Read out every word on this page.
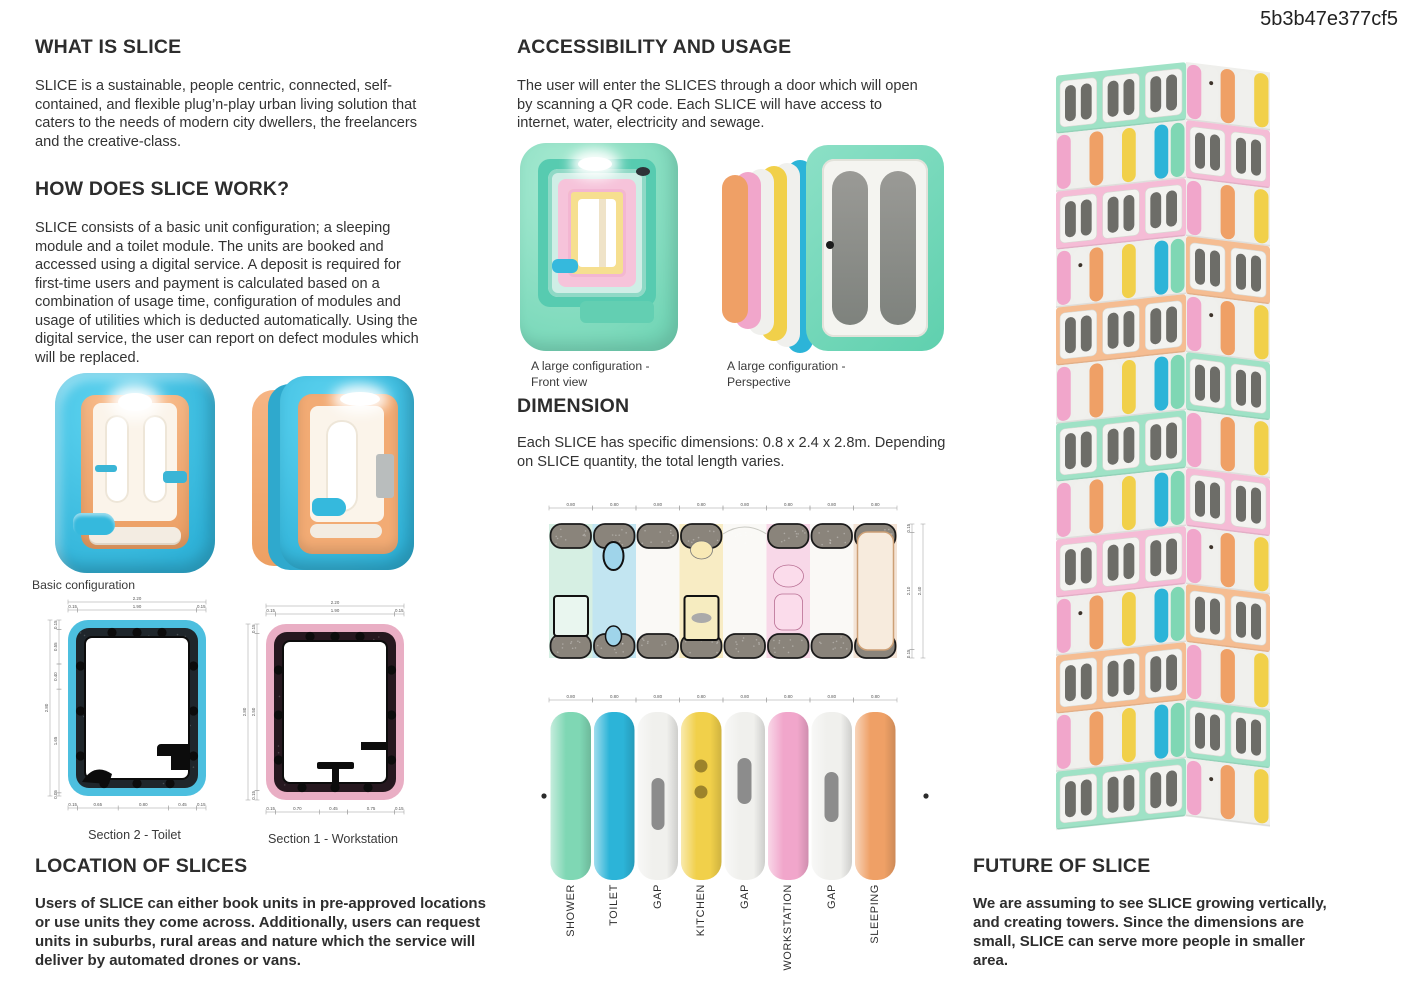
5b3b47e377cf5
WHAT IS SLICE

SLICE is a sustainable, people centric, connected, self-contained, and flexible plug’n-play urban living solution that caters to the needs of modern city dwellers, the freelancers and the creative-class.

HOW DOES SLICE WORK?

SLICE consists of a basic unit configuration; a sleeping module and a toilet module. The units are booked and accessed using a digital service. A deposit is required for first-time users and payment is calculated based on a combination of usage time, configuration of modules and usage of utilities which is deducted automatically. Using the digital service, the user can report on defect modules which will be replaced.

Basic configuration
2.20
0.15	1.90	0.15
2.80
0.15
0.55
0.40
1.65
0.05
0.15	0.65	0.80	0.45 0.15
2.20
0.15	1.90	0.15
2.80
0.15
2.50
0.15
0.15	0.70	0.45	0.75	0.15
Section 2 - Toilet	Section 1 - Workstation
LOCATION OF SLICES

Users of SLICE can either book units in pre-approved locations or use units they come across. Additionally, users can request units in suburbs, rural areas and nature which the service will deliver by automated drones or vans.

ACCESSIBILITY AND USAGE

The user will enter the SLICES through a door which will open by scanning a QR code. Each SLICE will have access to internet, water, electricity and sewage.

A large configuration -
Front view
A large configuration -
Perspective
DIMENSION

Each SLICE has specific dimensions: 0.8 x 2.4 x 2.8m. Depending on SLICE quantity, the total length varies.

0.80	0.80	0.80	0.80	0.80	0.80	0.80	0.80
0.15
2.10
0.15
2.40
0.80	0.80	0.80	0.80	0.80	0.80	0.80	0.80
SHOWER	TOILET	GAP	KITCHEN	GAP	WORKSTATION	GAP	SLEEPING
FUTURE OF SLICE

We are assuming to see SLICE growing vertically, and creating towers. Since the dimensions are small, SLICE can serve more people in smaller area.
